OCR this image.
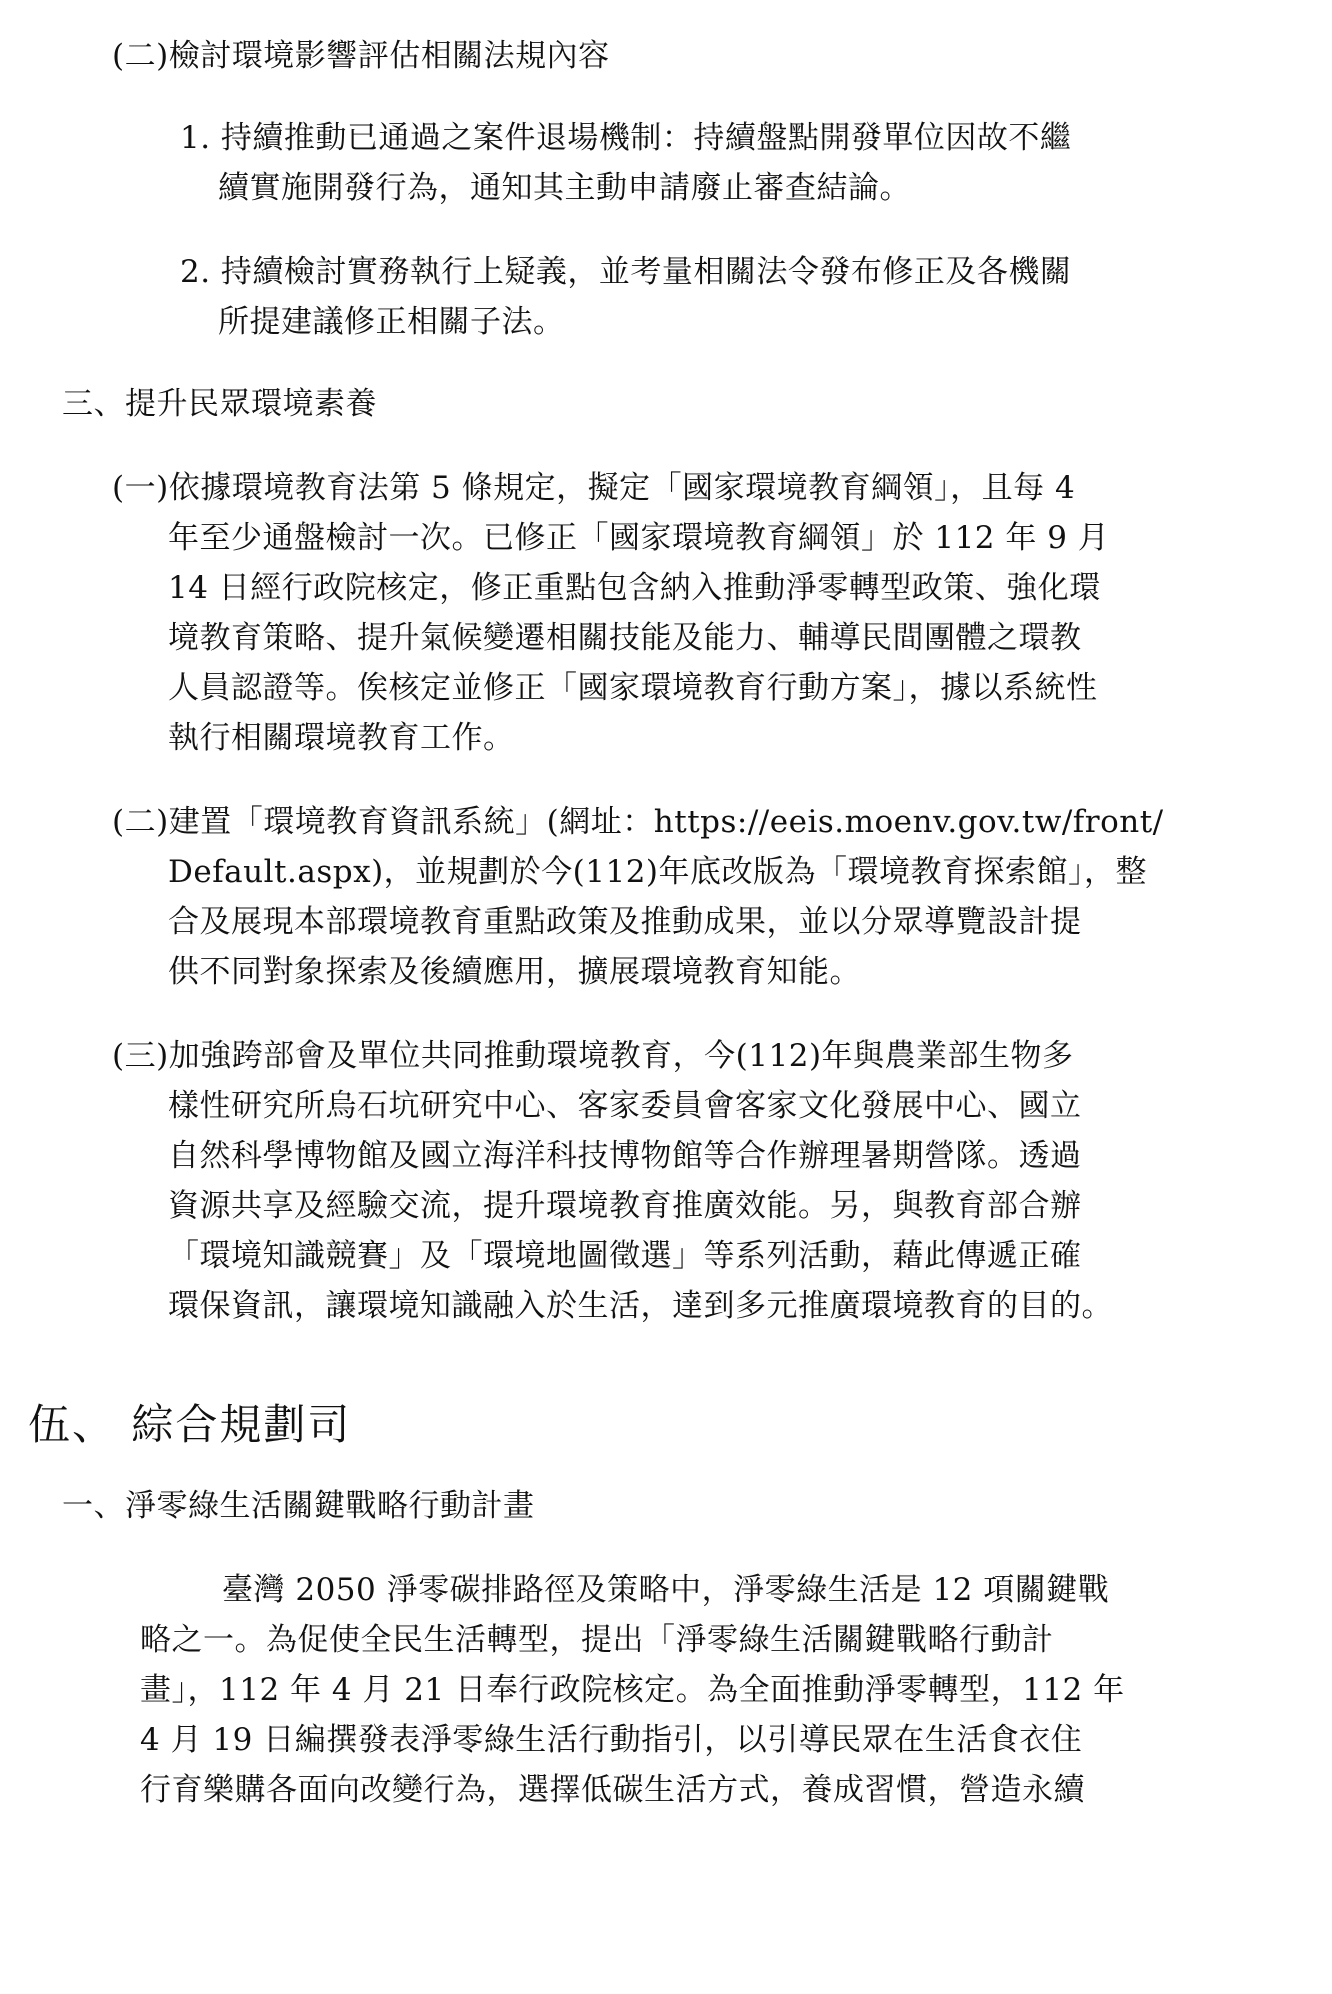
(二)檢討環境影響評估相關法規內容
1. 持續推動已通過之案件退場機制：持續盤點開發單位因故不繼
續實施開發行為，通知其主動申請廢止審查結論。
2. 持續檢討實務執行上疑義，並考量相關法令發布修正及各機關
所提建議修正相關子法。
三、提升民眾環境素養
(一)依據環境教育法第 5 條規定，擬定「國家環境教育綱領」，且每 4
年至少通盤檢討一次。已修正「國家環境教育綱領」於 112 年 9 月
14 日經行政院核定，修正重點包含納入推動淨零轉型政策、強化環
境教育策略、提升氣候變遷相關技能及能力、輔導民間團體之環教
人員認證等。俟核定並修正「國家環境教育行動方案」，據以系統性
執行相關環境教育工作。
(二)建置「環境教育資訊系統」(網址：https://eeis.moenv.gov.tw/front/
Default.aspx)，並規劃於今(112)年底改版為「環境教育探索館」，整
合及展現本部環境教育重點政策及推動成果，並以分眾導覽設計提
供不同對象探索及後續應用，擴展環境教育知能。
(三)加強跨部會及單位共同推動環境教育，今(112)年與農業部生物多
樣性研究所烏石坑研究中心、客家委員會客家文化發展中心、國立
自然科學博物館及國立海洋科技博物館等合作辦理暑期營隊。透過
資源共享及經驗交流，提升環境教育推廣效能。另，與教育部合辦
「環境知識競賽」及「環境地圖徵選」等系列活動，藉此傳遞正確
環保資訊，讓環境知識融入於生活，達到多元推廣環境教育的目的。
伍、 綜合規劃司
一、淨零綠生活關鍵戰略行動計畫
臺灣 2050 淨零碳排路徑及策略中，淨零綠生活是 12 項關鍵戰
略之一。為促使全民生活轉型，提出「淨零綠生活關鍵戰略行動計
畫」，112 年 4 月 21 日奉行政院核定。為全面推動淨零轉型，112 年
4 月 19 日編撰發表淨零綠生活行動指引，以引導民眾在生活食衣住
行育樂購各面向改變行為，選擇低碳生活方式，養成習慣，營造永續
